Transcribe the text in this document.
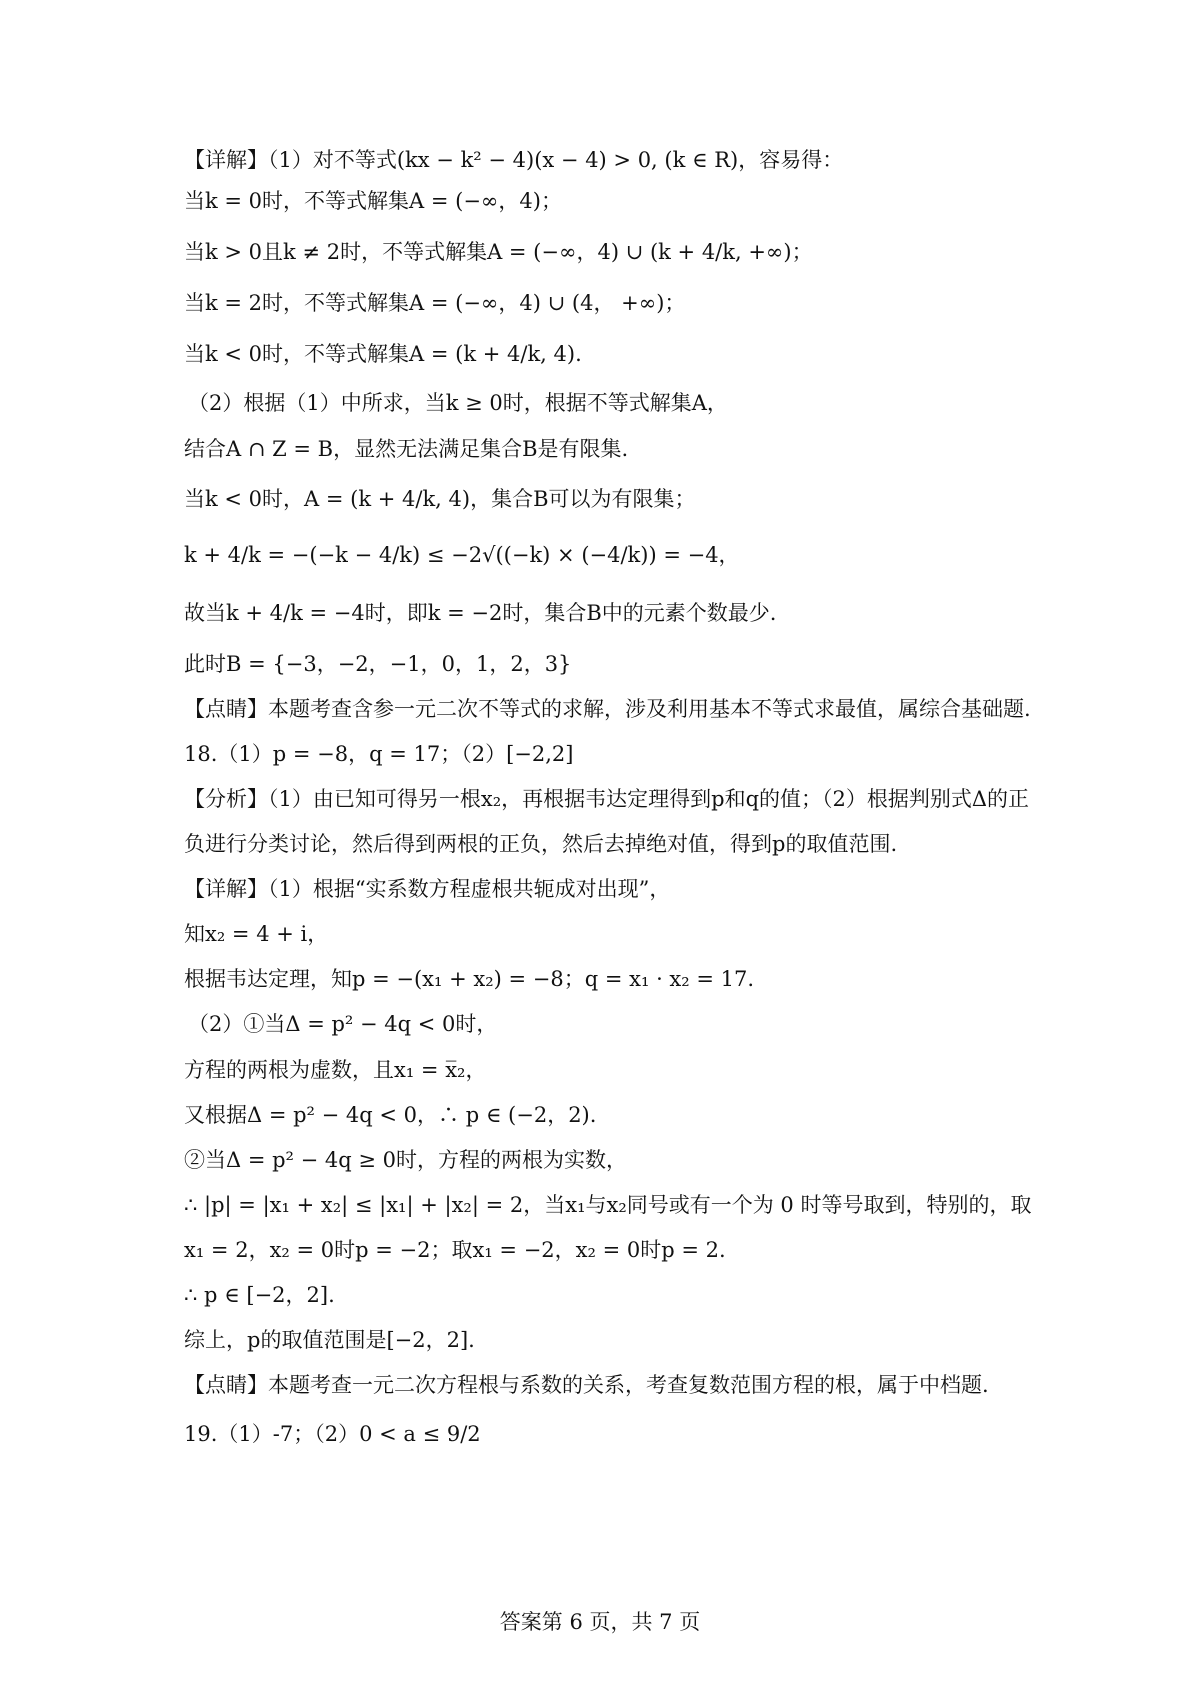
【详解】（1）对不等式(kx − k² − 4)(x − 4) > 0, (k ∈ R)，容易得：
当k = 0时，不等式解集A = (−∞，4)；
当k > 0且k ≠ 2时，不等式解集A = (−∞，4) ∪ (k + 4/k, +∞)；
当k = 2时，不等式解集A = (−∞，4) ∪ (4， +∞)；
当k < 0时，不等式解集A = (k + 4/k, 4).
（2）根据（1）中所求，当k ≥ 0时，根据不等式解集A，
结合A ∩ Z = B，显然无法满足集合B是有限集.
当k < 0时，A = (k + 4/k, 4)，集合B可以为有限集；
k + 4/k = −(−k − 4/k) ≤ −2√((−k) × (−4/k)) = −4，
故当k + 4/k = −4时，即k = −2时，集合B中的元素个数最少.
此时B = {−3，−2，−1，0，1，2，3}
【点睛】本题考查含参一元二次不等式的求解，涉及利用基本不等式求最值，属综合基础题.
18.（1）p = −8，q = 17；（2）[−2,2]
【分析】（1）由已知可得另一根x₂，再根据韦达定理得到p和q的值；（2）根据判别式Δ的正
负进行分类讨论，然后得到两根的正负，然后去掉绝对值，得到p的取值范围.
【详解】（1）根据“实系数方程虚根共轭成对出现”，
知x₂ = 4 + i，
根据韦达定理，知p = −(x₁ + x₂) = −8；q = x₁ · x₂ = 17.
（2）①当Δ = p² − 4q < 0时，
方程的两根为虚数，且x₁ = x̅₂，
又根据Δ = p² − 4q < 0，∴ p ∈ (−2，2).
②当Δ = p² − 4q ≥ 0时，方程的两根为实数，
∴ |p| = |x₁ + x₂| ≤ |x₁| + |x₂| = 2，当x₁与x₂同号或有一个为 0 时等号取到，特别的，取
x₁ = 2，x₂ = 0时p = −2；取x₁ = −2，x₂ = 0时p = 2.
∴ p ∈ [−2，2].
综上，p的取值范围是[−2，2].
【点睛】本题考查一元二次方程根与系数的关系，考查复数范围方程的根，属于中档题.
19.（1）-7；（2）0 < a ≤ 9/2
答案第 6 页，共 7 页
